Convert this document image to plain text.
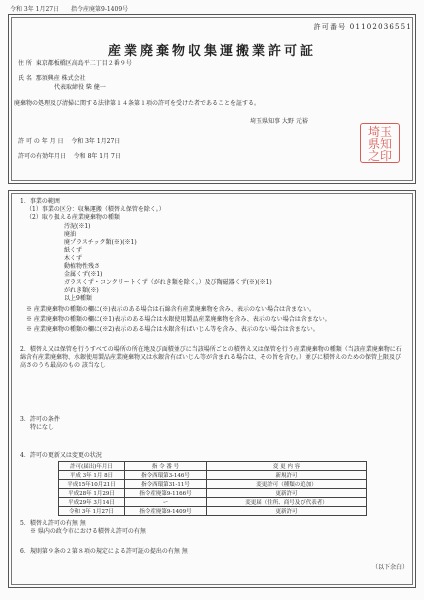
令和 3年 1月27日 指令産廃第9-1409号
許可番号 01102036551
産業廃棄物収集運搬業許可証
住 所 東京都板橋区高島平二丁目２番９号
氏 名 那須興産 株式会社
代表取締役 柴 健一
廃棄物の処理及び清掃に関する法律第１４条第１項の許可を受けた者であることを証する。
埼玉県知事 大野 元裕
許 可 の 年 月 日 令和 3年 1月27日
許可の有効年月日 令和 8年 1月 7日
埼玉
県知
之印
1．事業の範囲
（1）事業の区分：収集運搬（積替え保管を除く。）
（2）取り扱える産業廃棄物の種類
汚泥(※1)
廃油
廃プラスチック類(※)(※1)
紙くず
木くず
動植物性残さ
金属くず(※1)
ガラスくず・コンクリートくず（がれき類を除く。）及び陶磁器くず(※)(※1)
がれき類(※)
以上9種類
※ 産業廃棄物の種類の欄に(※)表示のある場合は石綿含有産業廃棄物を含み、表示のない場合は含まない。
※ 産業廃棄物の種類の欄に(※1)表示のある場合は水銀使用製品産業廃棄物を含み、表示のない場合は含まない。
※ 産業廃棄物の種類の欄に(※2)表示のある場合は水銀含有ばいじん等を含み、表示のない場合は含まない。
2．積替え又は保管を行うすべての場所の所在地及び面積並びに当該場所ごとの積替え又は保管を行う産業廃棄物の種類（当該産業廃棄物に石綿含有産業廃棄物、水銀使用製品産業廃棄物又は水銀含有ばいじん等が含まれる場合は、その旨を含む。）並びに積替えのための保管上限及び高さのうち最高のもの 該当なし
3．許可の条件
特になし
4．許可の更新又は変更の状況
許可(届出)年月日	指 令 番 号	変 更 内 容
平成 3年 1月 8日	指令西環第3-146号	新規許可
平成15年10月21日	指令西環第31-11号	変更許可（種類の追加）
平成28年 1月29日	指令産廃第9-1166号	更新許可
平成29年 3月14日	ー	変更届（住所、商号及び代表者）
令和 3年 1月27日	指令産廃第9-1409号	更新許可
5．積替え許可の有無 無
※ 県内の政令市における積替え許可の有無
6．規則第９条の２第８項の規定による許可証の提出の有無 無
（以下余白）
